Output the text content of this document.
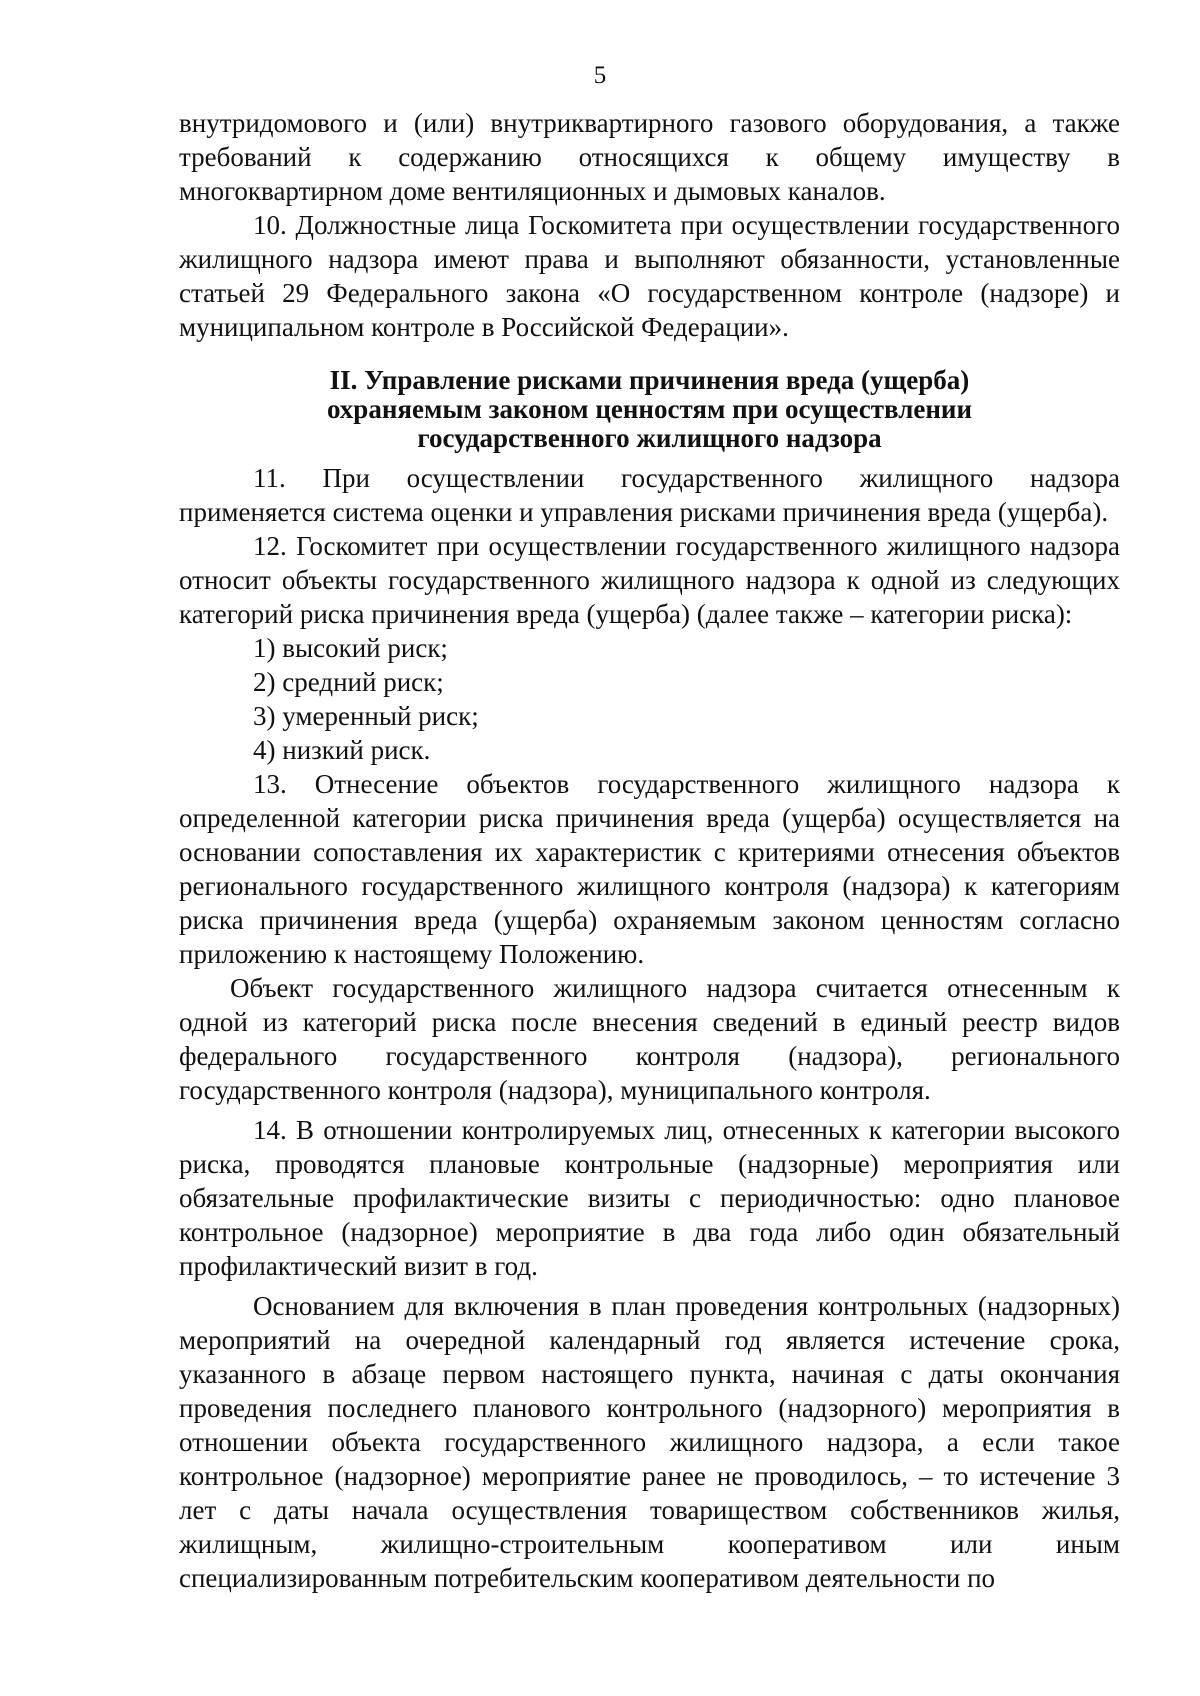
5

внутридомового и (или) внутриквартирного газового оборудования, а также требований к содержанию относящихся к общему имуществу в многоквартирном доме вентиляционных и дымовых каналов.

10. Должностные лица Госкомитета при осуществлении государственного жилищного надзора имеют права и выполняют обязанности, установленные статьей 29 Федерального закона «О государственном контроле (надзоре) и муниципальном контроле в Российской Федерации».

II. Управление рисками причинения вреда (ущерба)
охраняемым законом ценностям при осуществлении
государственного жилищного надзора

11. При осуществлении государственного жилищного надзора применяется система оценки и управления рисками причинения вреда (ущерба).

12. Госкомитет при осуществлении государственного жилищного надзора относит объекты государственного жилищного надзора к одной из следующих категорий риска причинения вреда (ущерба) (далее также – категории риска):

1) высокий риск;

2) средний риск;

3) умеренный риск;

4) низкий риск.

13. Отнесение объектов государственного жилищного надзора к определенной категории риска причинения вреда (ущерба) осуществляется на основании сопоставления их характеристик с критериями отнесения объектов регионального государственного жилищного контроля (надзора) к категориям риска причинения вреда (ущерба) охраняемым законом ценностям согласно приложению к настоящему Положению.

Объект государственного жилищного надзора считается отнесенным к одной из категорий риска после внесения сведений в единый реестр видов федерального государственного контроля (надзора), регионального государственного контроля (надзора), муниципального контроля.

14. В отношении контролируемых лиц, отнесенных к категории высокого риска, проводятся плановые контрольные (надзорные) мероприятия или обязательные профилактические визиты с периодичностью: одно плановое контрольное (надзорное) мероприятие в два года либо один обязательный профилактический визит в год.

Основанием для включения в план проведения контрольных (надзорных) мероприятий на очередной календарный год является истечение срока, указанного в абзаце первом настоящего пункта, начиная с даты окончания проведения последнего планового контрольного (надзорного) мероприятия в отношении объекта государственного жилищного надзора, а если такое контрольное (надзорное) мероприятие ранее не проводилось, – то истечение 3 лет с даты начала осуществления товариществом собственников жилья, жилищным, жилищно-строительным кооперативом или иным специализированным потребительским кооперативом деятельности по
